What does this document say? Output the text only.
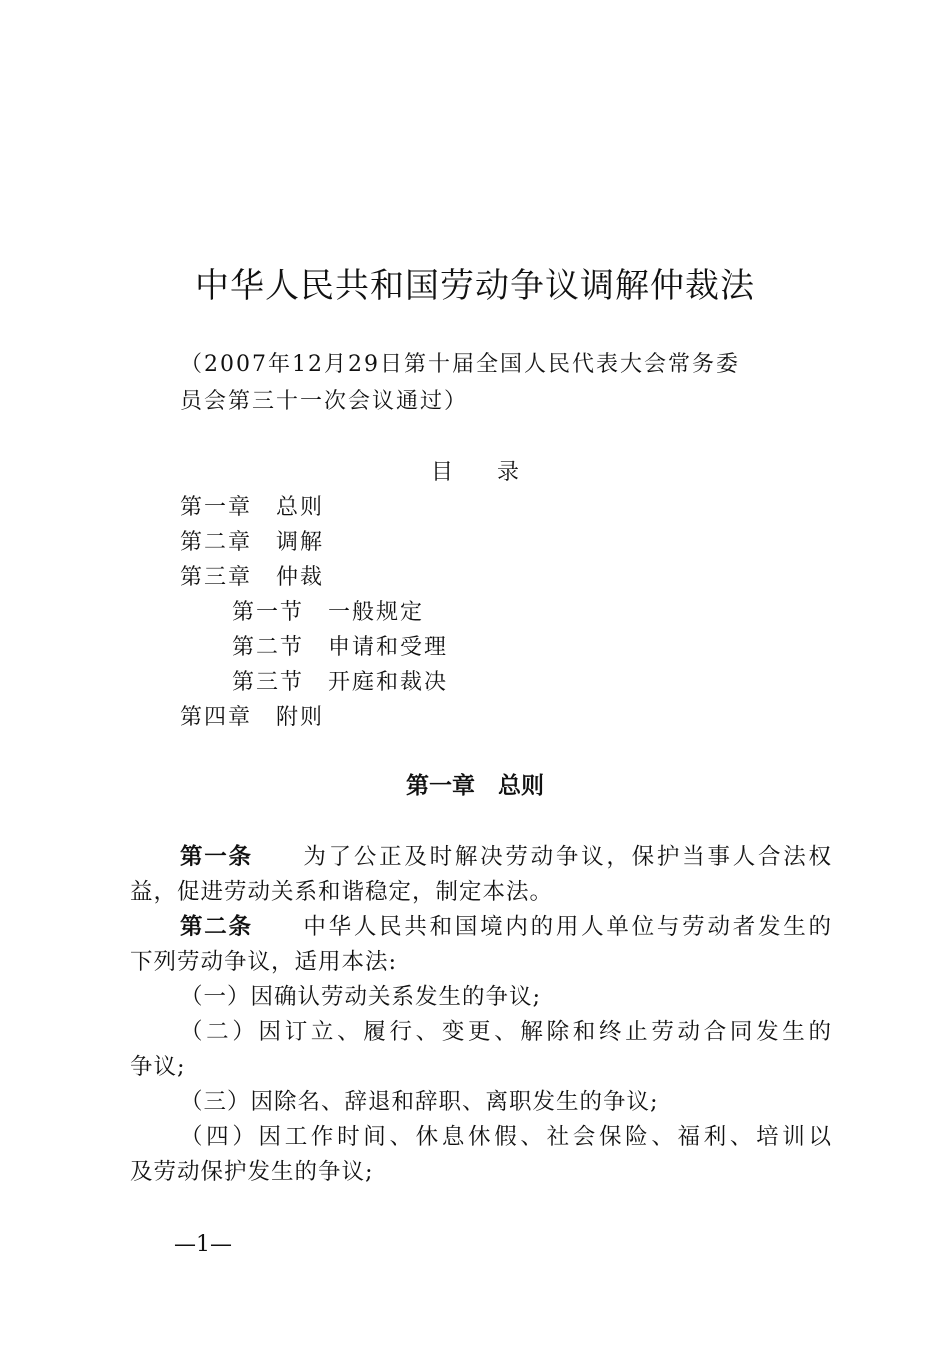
中华人民共和国劳动争议调解仲裁法
（2007年12月29日第十届全国人民代表大会常务委
员会第三十一次会议通过）
目　　录
第一章　总则
第二章　调解
第三章　仲裁
第一节　一般规定
第二节　申请和受理
第三节　开庭和裁决
第四章　附则
第一章　总则
第一条　　 为了公正及时解决劳动争议，保护当事人合法权
益，促进劳动关系和谐稳定，制定本法。
第二条　　 中华人民共和国境内的用人单位与劳动者发生的
下列劳动争议，适用本法:
（一）因确认劳动关系发生的争议;
（二）因订立、履行、变更、解除和终止劳动合同发生的
争议;
（三）因除名、辞退和辞职、离职发生的争议;
（四）因工作时间、休息休假、社会保险、福利、培训以
及劳动保护发生的争议;
—1—
